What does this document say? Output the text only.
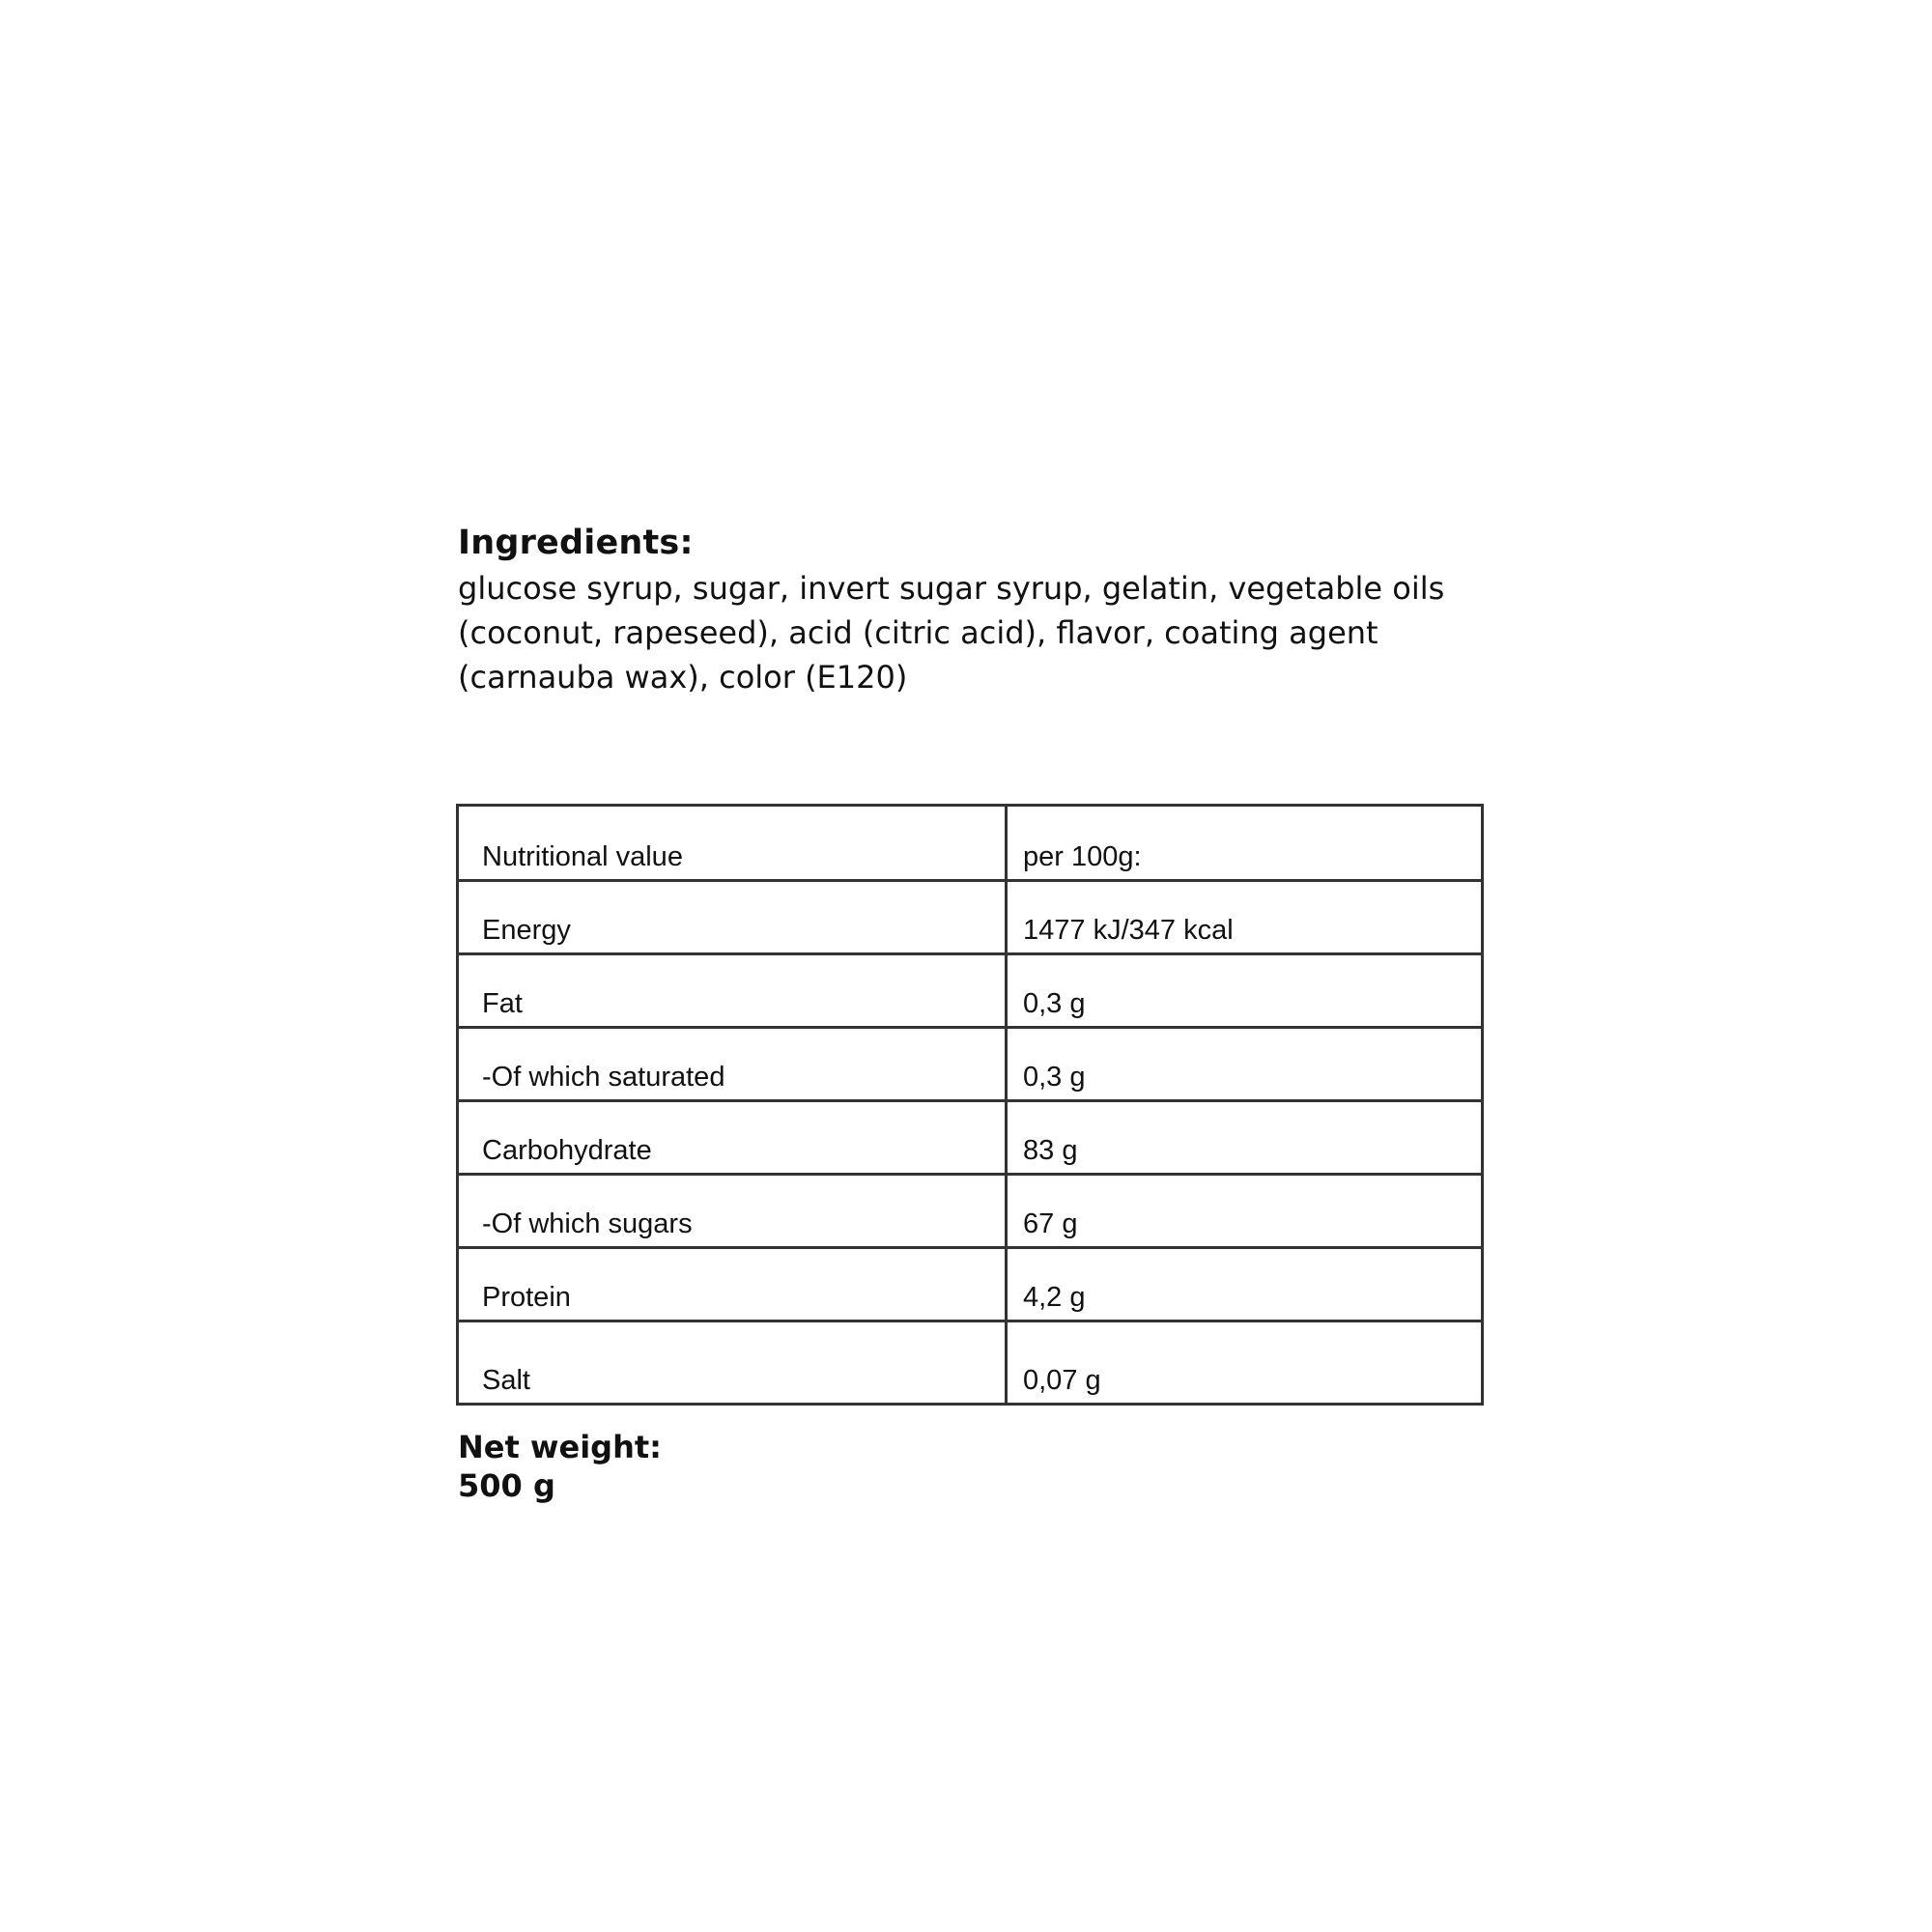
Ingredients:

glucose syrup, sugar, invert sugar syrup, gelatin, vegetable oils
(coconut, rapeseed), acid (citric acid), flavor, coating agent
(carnauba wax), color (E120)

Nutritional value	per 100g:
Energy	1477 kJ/347 kcal
Fat	0,3 g
-Of which saturated	0,3 g
Carbohydrate	83 g
-Of which sugars	67 g
Protein	4,2 g
Salt	0,07 g
Net weight: 500 g
